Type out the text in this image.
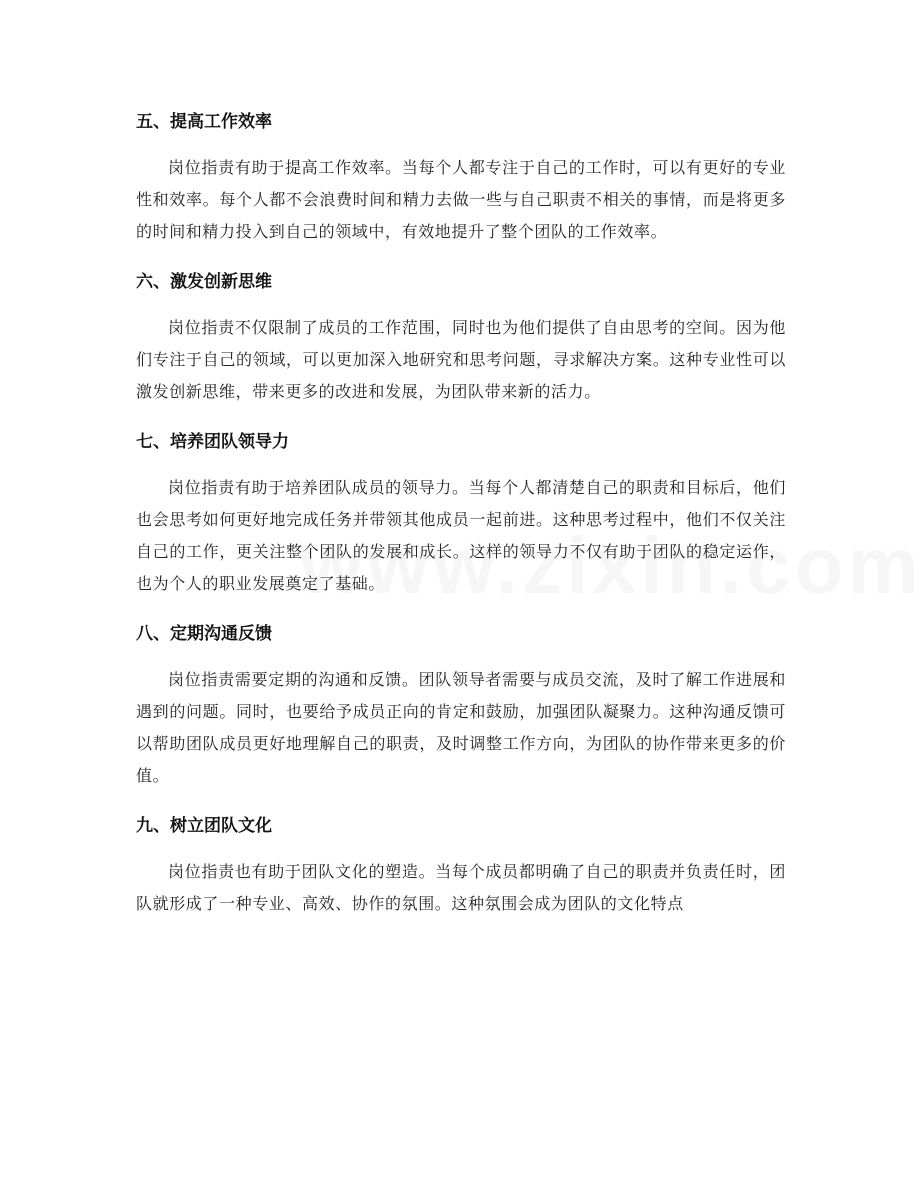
五、提高工作效率

岗位指责有助于提高工作效率。当每个人都专注于自己的工作时，可以有更好的专业性和效率。每个人都不会浪费时间和精力去做一些与自己职责不相关的事情，而是将更多的时间和精力投入到自己的领域中，有效地提升了整个团队的工作效率。

六、激发创新思维

岗位指责不仅限制了成员的工作范围，同时也为他们提供了自由思考的空间。因为他们专注于自己的领域，可以更加深入地研究和思考问题，寻求解决方案。这种专业性可以激发创新思维，带来更多的改进和发展，为团队带来新的活力。

七、培养团队领导力

岗位指责有助于培养团队成员的领导力。当每个人都清楚自己的职责和目标后，他们也会思考如何更好地完成任务并带领其他成员一起前进。这种思考过程中，他们不仅关注自己的工作，更关注整个团队的发展和成长。这样的领导力不仅有助于团队的稳定运作，也为个人的职业发展奠定了基础。

八、定期沟通反馈

岗位指责需要定期的沟通和反馈。团队领导者需要与成员交流，及时了解工作进展和遇到的问题。同时，也要给予成员正向的肯定和鼓励，加强团队凝聚力。这种沟通反馈可以帮助团队成员更好地理解自己的职责，及时调整工作方向，为团队的协作带来更多的价值。

九、树立团队文化

岗位指责也有助于团队文化的塑造。当每个成员都明确了自己的职责并负责任时，团队就形成了一种专业、高效、协作的氛围。这种氛围会成为团队的文化特点
